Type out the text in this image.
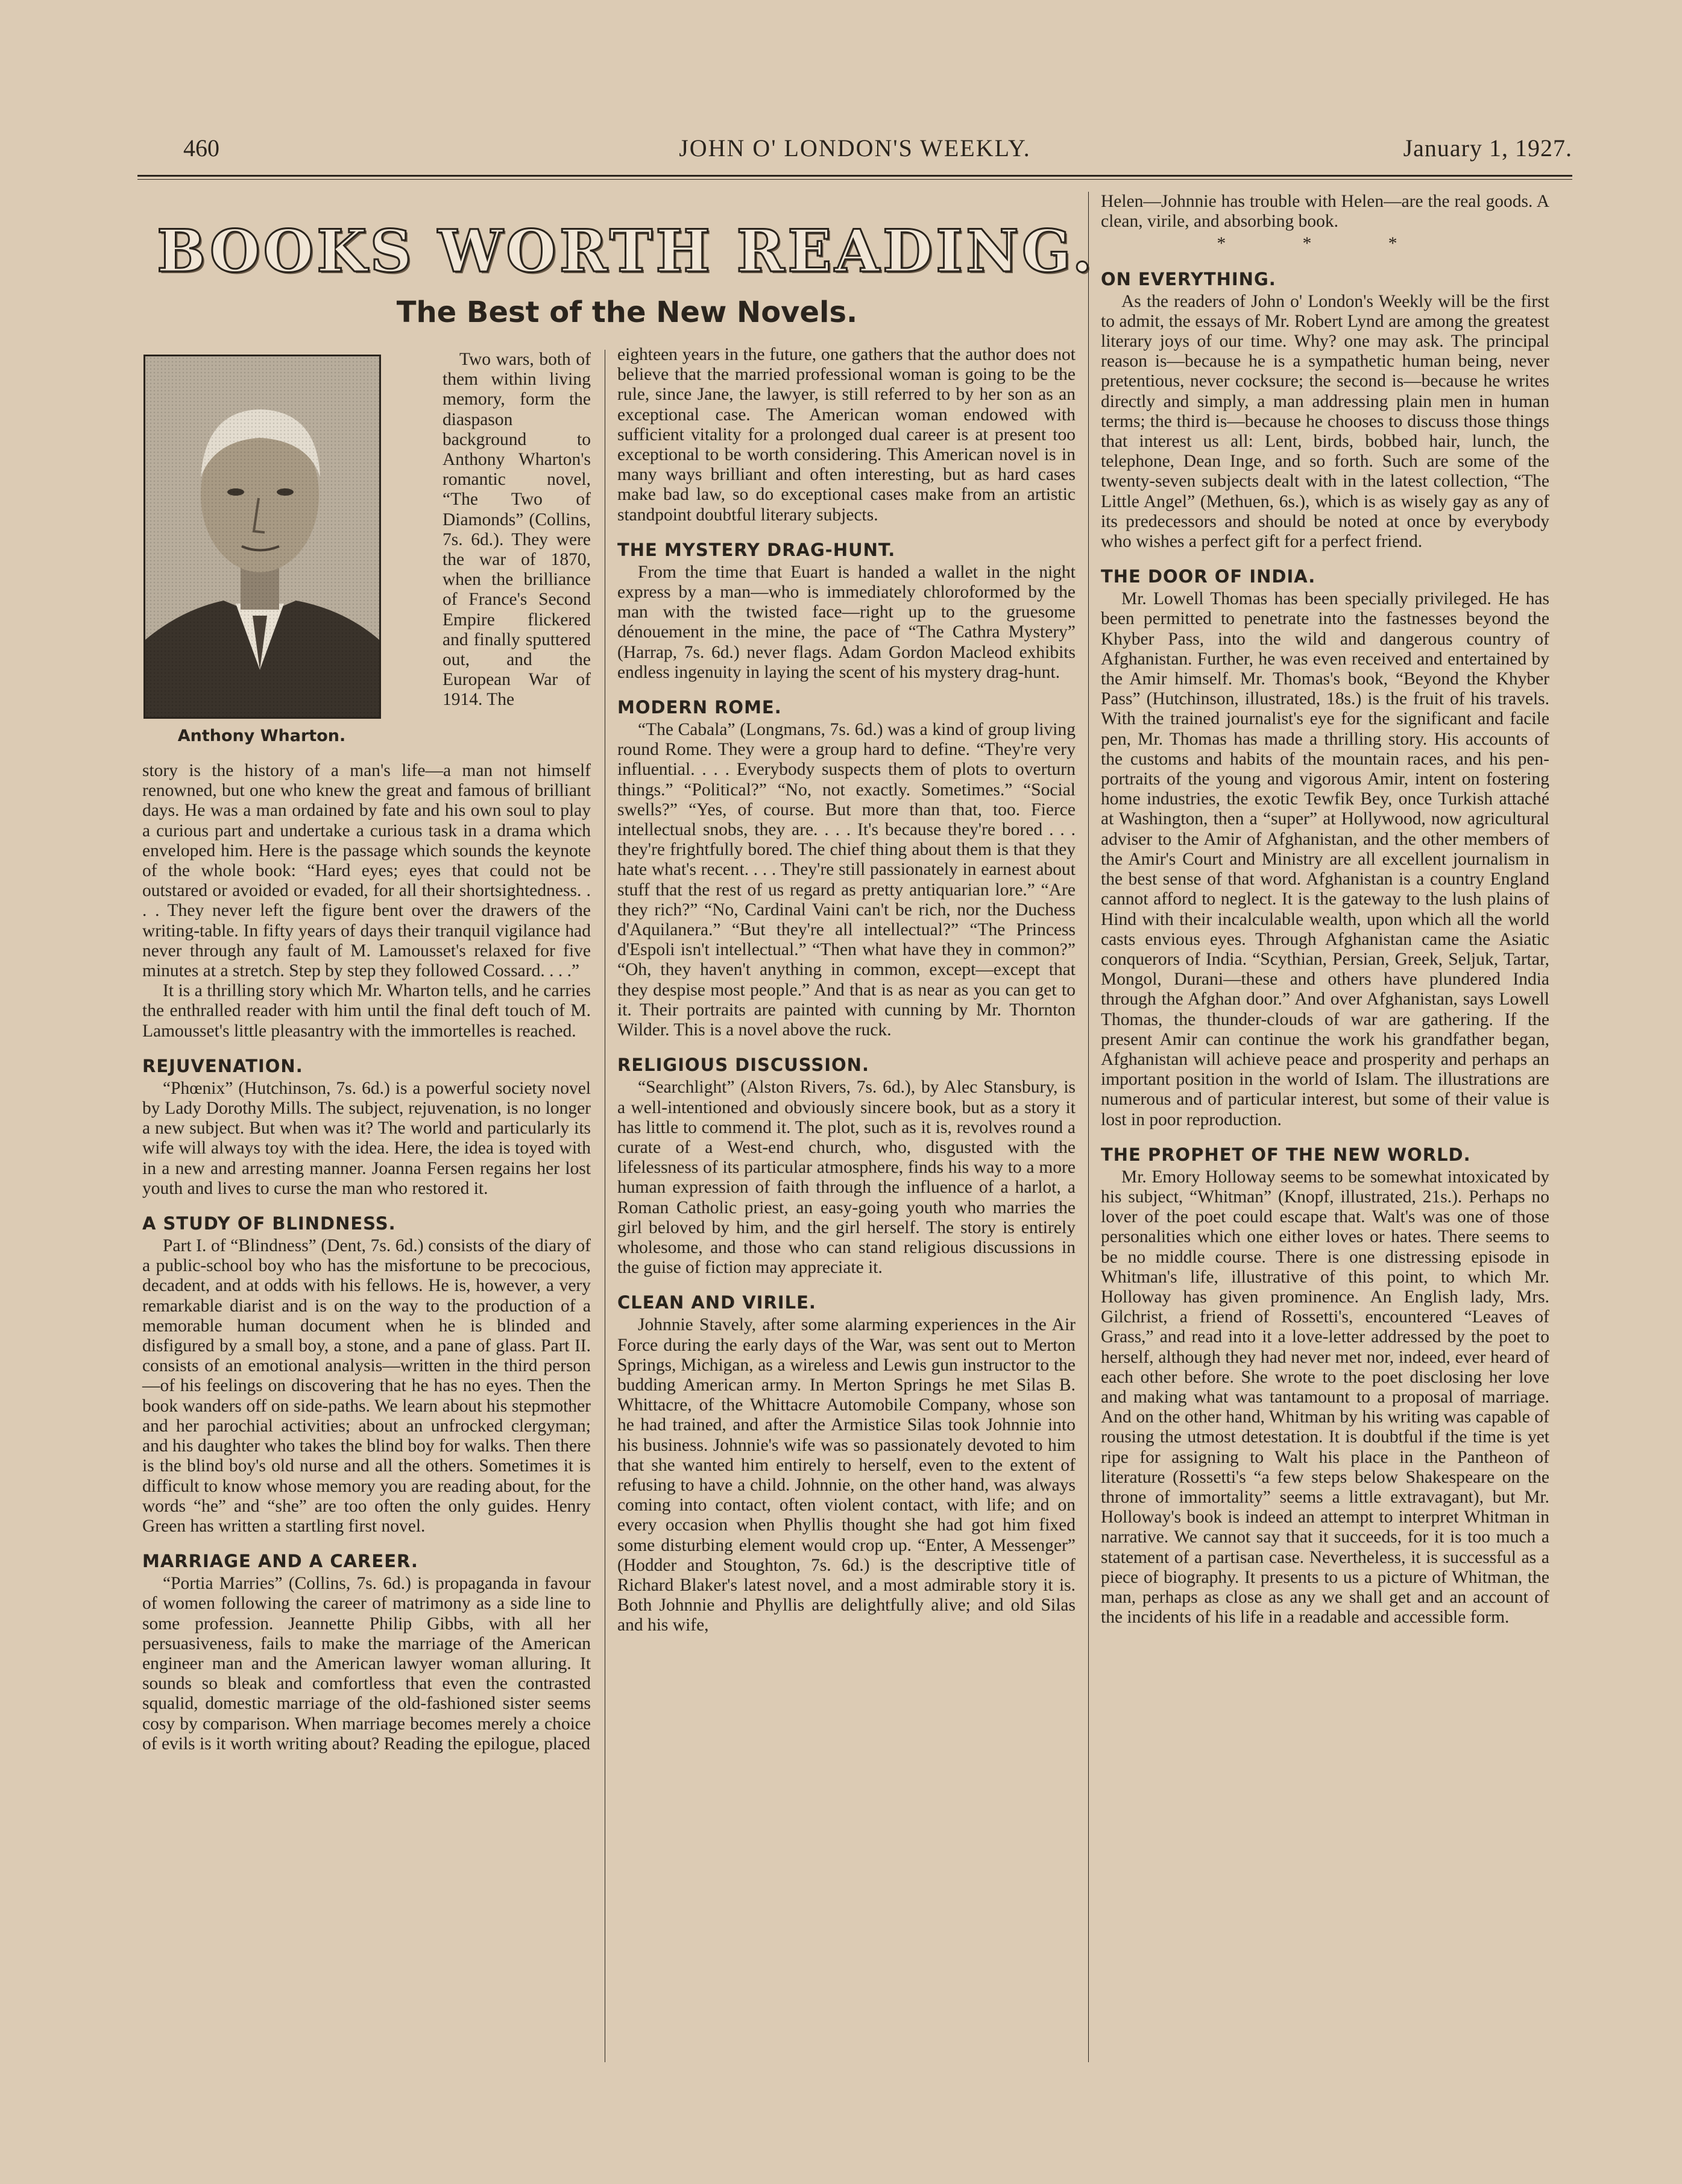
460	JOHN O' LONDON'S WEEKLY.	January 1, 1927.
BOOKS WORTH READING.
The Best of the New Novels.
Anthony Wharton.

Two wars, both of them within living memory, form the diaspason background to Anthony Wharton's romantic novel, “The Two of Diamonds” (Collins, 7s. 6d.). They were the war of 1870, when the brilliance of France's Second Empire flickered and finally sputtered out, and the European War of 1914. The

story is the history of a man's life—a man not himself renowned, but one who knew the great and famous of brilliant days. He was a man ordained by fate and his own soul to play a curious part and undertake a curious task in a drama which enveloped him. Here is the passage which sounds the keynote of the whole book: “Hard eyes; eyes that could not be outstared or avoided or evaded, for all their shortsightedness. . . . They never left the figure bent over the drawers of the writing-table. In fifty years of days their tranquil vigilance had never through any fault of M. Lamousset's relaxed for five minutes at a stretch. Step by step they followed Cossard. . . .”

It is a thrilling story which Mr. Wharton tells, and he carries the enthralled reader with him until the final deft touch of M. Lamousset's little pleasantry with the immortelles is reached.

REJUVENATION.

“Phœnix” (Hutchinson, 7s. 6d.) is a powerful society novel by Lady Dorothy Mills. The subject, rejuvenation, is no longer a new subject. But when was it? The world and particularly its wife will always toy with the idea. Here, the idea is toyed with in a new and arresting manner. Joanna Fersen regains her lost youth and lives to curse the man who restored it.

A STUDY OF BLINDNESS.

Part I. of “Blindness” (Dent, 7s. 6d.) consists of the diary of a public-school boy who has the misfortune to be precocious, decadent, and at odds with his fellows. He is, however, a very remarkable diarist and is on the way to the production of a memorable human document when he is blinded and disfigured by a small boy, a stone, and a pane of glass. Part II. consists of an emotional analysis—written in the third person—of his feelings on discovering that he has no eyes. Then the book wanders off on side-paths. We learn about his stepmother and her parochial activities; about an unfrocked clergyman; and his daughter who takes the blind boy for walks. Then there is the blind boy's old nurse and all the others. Sometimes it is difficult to know whose memory you are reading about, for the words “he” and “she” are too often the only guides. Henry Green has written a startling first novel.

MARRIAGE AND A CAREER.

“Portia Marries” (Collins, 7s. 6d.) is propaganda in favour of women following the career of matrimony as a side line to some profession. Jeannette Philip Gibbs, with all her persuasiveness, fails to make the marriage of the American engineer man and the American lawyer woman alluring. It sounds so bleak and comfortless that even the contrasted squalid, domestic marriage of the old-fashioned sister seems cosy by comparison. When marriage becomes merely a choice of evils is it worth writing about? Reading the epilogue, placed

eighteen years in the future, one gathers that the author does not believe that the married professional woman is going to be the rule, since Jane, the lawyer, is still referred to by her son as an exceptional case. The American woman endowed with sufficient vitality for a prolonged dual career is at present too exceptional to be worth considering. This American novel is in many ways brilliant and often interesting, but as hard cases make bad law, so do exceptional cases make from an artistic standpoint doubtful literary subjects.

THE MYSTERY DRAG-HUNT.

From the time that Euart is handed a wallet in the night express by a man—who is immediately chloroformed by the man with the twisted face—right up to the gruesome dénouement in the mine, the pace of “The Cathra Mystery” (Harrap, 7s. 6d.) never flags. Adam Gordon Macleod exhibits endless ingenuity in laying the scent of his mystery drag-hunt.

MODERN ROME.

“The Cabala” (Longmans, 7s. 6d.) was a kind of group living round Rome. They were a group hard to define. “They're very influential. . . . Everybody suspects them of plots to overturn things.” “Political?” “No, not exactly. Sometimes.” “Social swells?” “Yes, of course. But more than that, too. Fierce intellectual snobs, they are. . . . It's because they're bored . . . they're frightfully bored. The chief thing about them is that they hate what's recent. . . . They're still passionately in earnest about stuff that the rest of us regard as pretty antiquarian lore.” “Are they rich?” “No, Cardinal Vaini can't be rich, nor the Duchess d'Aquilanera.” “But they're all intellectual?” “The Princess d'Espoli isn't intellectual.” “Then what have they in common?” “Oh, they haven't anything in common, except—except that they despise most people.” And that is as near as you can get to it. Their portraits are painted with cunning by Mr. Thornton Wilder. This is a novel above the ruck.

RELIGIOUS DISCUSSION.

“Searchlight” (Alston Rivers, 7s. 6d.), by Alec Stansbury, is a well-intentioned and obviously sincere book, but as a story it has little to commend it. The plot, such as it is, revolves round a curate of a West-end church, who, disgusted with the lifelessness of its particular atmosphere, finds his way to a more human expression of faith through the influence of a harlot, a Roman Catholic priest, an easy-going youth who marries the girl beloved by him, and the girl herself. The story is entirely wholesome, and those who can stand religious discussions in the guise of fiction may appreciate it.

CLEAN AND VIRILE.

Johnnie Stavely, after some alarming experiences in the Air Force during the early days of the War, was sent out to Merton Springs, Michigan, as a wireless and Lewis gun instructor to the budding American army. In Merton Springs he met Silas B. Whittacre, of the Whittacre Automobile Company, whose son he had trained, and after the Armistice Silas took Johnnie into his business. Johnnie's wife was so passionately devoted to him that she wanted him entirely to herself, even to the extent of refusing to have a child. Johnnie, on the other hand, was always coming into contact, often violent contact, with life; and on every occasion when Phyllis thought she had got him fixed some disturbing element would crop up. “Enter, A Messenger” (Hodder and Stoughton, 7s. 6d.) is the descriptive title of Richard Blaker's latest novel, and a most admirable story it is. Both Johnnie and Phyllis are delightfully alive; and old Silas and his wife,

Helen—Johnnie has trouble with Helen—are the real goods. A clean, virile, and absorbing book.

* * *
ON EVERYTHING.

As the readers of John o' London's Weekly will be the first to admit, the essays of Mr. Robert Lynd are among the greatest literary joys of our time. Why? one may ask. The principal reason is—because he is a sympathetic human being, never pretentious, never cocksure; the second is—because he writes directly and simply, a man addressing plain men in human terms; the third is—because he chooses to discuss those things that interest us all: Lent, birds, bobbed hair, lunch, the telephone, Dean Inge, and so forth. Such are some of the twenty-seven subjects dealt with in the latest collection, “The Little Angel” (Methuen, 6s.), which is as wisely gay as any of its predecessors and should be noted at once by everybody who wishes a perfect gift for a perfect friend.

THE DOOR OF INDIA.

Mr. Lowell Thomas has been specially privileged. He has been permitted to penetrate into the fastnesses beyond the Khyber Pass, into the wild and dangerous country of Afghanistan. Further, he was even received and entertained by the Amir himself. Mr. Thomas's book, “Beyond the Khyber Pass” (Hutchinson, illustrated, 18s.) is the fruit of his travels. With the trained journalist's eye for the significant and facile pen, Mr. Thomas has made a thrilling story. His accounts of the customs and habits of the mountain races, and his pen-portraits of the young and vigorous Amir, intent on fostering home industries, the exotic Tewfik Bey, once Turkish attaché at Washington, then a “super” at Hollywood, now agricultural adviser to the Amir of Afghanistan, and the other members of the Amir's Court and Ministry are all excellent journalism in the best sense of that word. Afghanistan is a country England cannot afford to neglect. It is the gateway to the lush plains of Hind with their incalculable wealth, upon which all the world casts envious eyes. Through Afghanistan came the Asiatic conquerors of India. “Scythian, Persian, Greek, Seljuk, Tartar, Mongol, Durani—these and others have plundered India through the Afghan door.” And over Afghanistan, says Lowell Thomas, the thunder-clouds of war are gathering. If the present Amir can continue the work his grandfather began, Afghanistan will achieve peace and prosperity and perhaps an important position in the world of Islam. The illustrations are numerous and of particular interest, but some of their value is lost in poor reproduction.

THE PROPHET OF THE NEW WORLD.

Mr. Emory Holloway seems to be somewhat intoxicated by his subject, “Whitman” (Knopf, illustrated, 21s.). Perhaps no lover of the poet could escape that. Walt's was one of those personalities which one either loves or hates. There seems to be no middle course. There is one distressing episode in Whitman's life, illustrative of this point, to which Mr. Holloway has given prominence. An English lady, Mrs. Gilchrist, a friend of Rossetti's, encountered “Leaves of Grass,” and read into it a love-letter addressed by the poet to herself, although they had never met nor, indeed, ever heard of each other before. She wrote to the poet disclosing her love and making what was tantamount to a proposal of marriage. And on the other hand, Whitman by his writing was capable of rousing the utmost detestation. It is doubtful if the time is yet ripe for assigning to Walt his place in the Pantheon of literature (Rossetti's “a few steps below Shakespeare on the throne of immortality” seems a little extravagant), but Mr. Holloway's book is indeed an attempt to interpret Whitman in narrative. We cannot say that it succeeds, for it is too much a statement of a partisan case. Nevertheless, it is successful as a piece of biography. It presents to us a picture of Whitman, the man, perhaps as close as any we shall get and an account of the incidents of his life in a readable and accessible form.
